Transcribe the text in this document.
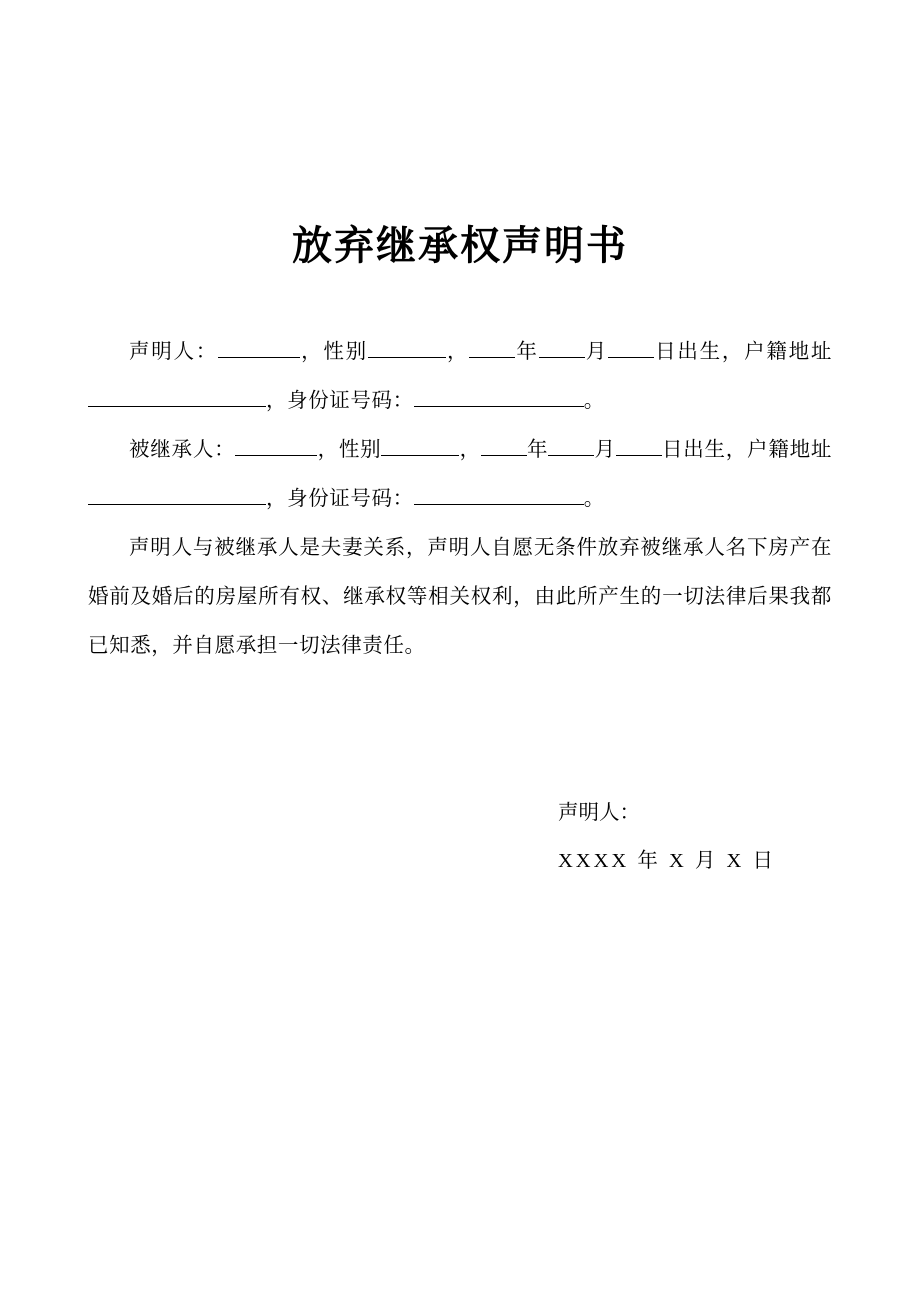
放弃继承权声明书

声明人：	，性别	， 年 月 日出生，户籍地址，身份证号码：	。

被继承人：	，性别	， 年 月 日出生，户籍地址，身份证号码：	。

声明人与被继承人是夫妻关系，声明人自愿无条件放弃被继承人名下房产在婚前及婚后的房屋所有权、继承权等相关权利，由此所产生的一切法律后果我都已知悉，并自愿承担一切法律责任。

声明人：

XXXX 年 X 月 X 日
